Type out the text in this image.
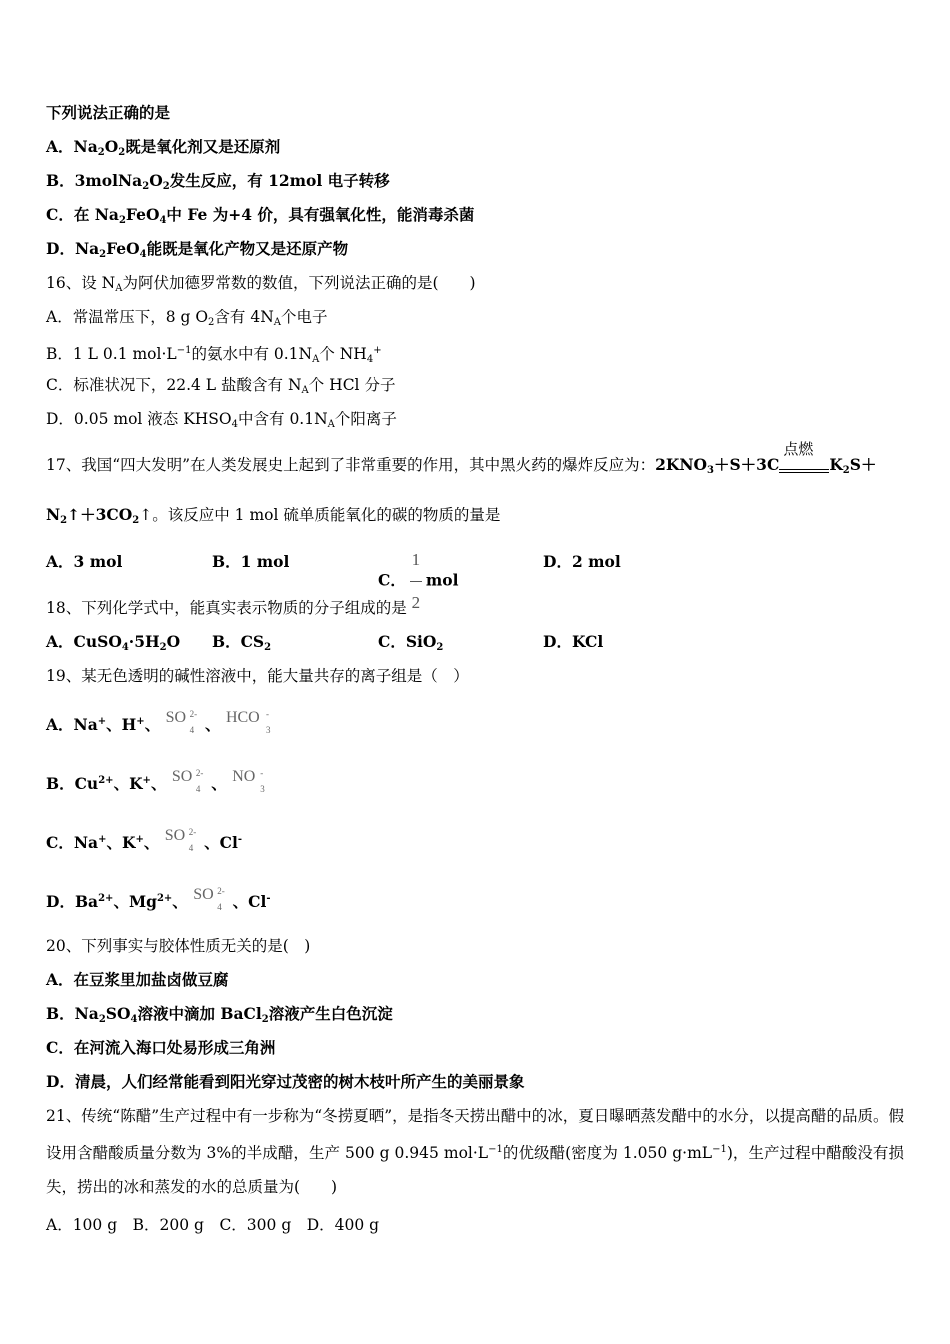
下列说法正确的是
A．$Na_2O_2$既是氧化剂又是还原剂
B．$3molNa_2O_2$发生反应，有 12mol 电子转移
C．在 $Na_2FeO_4$中 Fe 为+4 价，具有强氧化性，能消毒杀菌
D．$Na_2FeO_4$能既是氧化产物又是还原产物
16、设 $N_A$为阿伏加德罗常数的数值，下列说法正确的是(　　)
A．常温常压下，8 g $O_2$含有 $4N_A$个电子
B．1 L 0.1 $mol\cdot L^{-1}$的氨水中有 $0.1N_A$个 $NH_4^+$
C．标准状况下，22.4 L 盐酸含有 $N_A$个 HCl 分子
D．0.05 mol 液态 $KHSO_4$中含有 $0.1N_A$个阳离子
17、我国“四大发明”在人类发展史上起到了非常重要的作用，其中黑火药的爆炸反应为：$2KNO_3+S+3C$
点燃
$K_2S+$
$N_2↑+3CO_2↑$。该反应中 1 mol 硫单质能氧化的碳的物质的量是
A．3 mol	B．1 mol
C． $\frac{1}{2}$ mol
D．2 mol
18、下列化学式中，能真实表示物质的分子组成的是
A．$CuSO_4\cdot 5H_2O$ B．$CS_2$	C．SiO$_2$	D．KCl
19、某无色透明的碱性溶液中，能大量共存的离子组是（　）
A．Na+、H+、 SO 2-
4 、 HCO -
3
B．$Cu^{2+}$、K+、 SO 2-
4 、 NO -
3
C．Na+、K+、 SO 2-
4 、Cl-
D．$Ba^{2+}$、$Mg^{2+}$、 SO 2-
4 、Cl-
20、下列事实与胶体性质无关的是(　)
A．在豆浆里加盐卤做豆腐
B．$Na_2SO_4$溶液中滴加 BaCl$_2$溶液产生白色沉淀
C．在河流入海口处易形成三角洲
D．清晨，人们经常能看到阳光穿过茂密的树木枝叶所产生的美丽景象
21、传统“陈醋”生产过程中有一步称为“冬捞夏晒”，是指冬天捞出醋中的冰，夏日曝晒蒸发醋中的水分，以提高醋的品质。假设用含醋酸质量分数为 3%的半成醋，生产 500 g 0.945 $mol\cdot L^{-1}$的优级醋(密度为 1.050 $g\cdot mL^{-1}$)，生产过程中醋酸没有损失，捞出的冰和蒸发的水的总质量为(　　)
A．100 g　B．200 g　C．300 g　D．400 g
